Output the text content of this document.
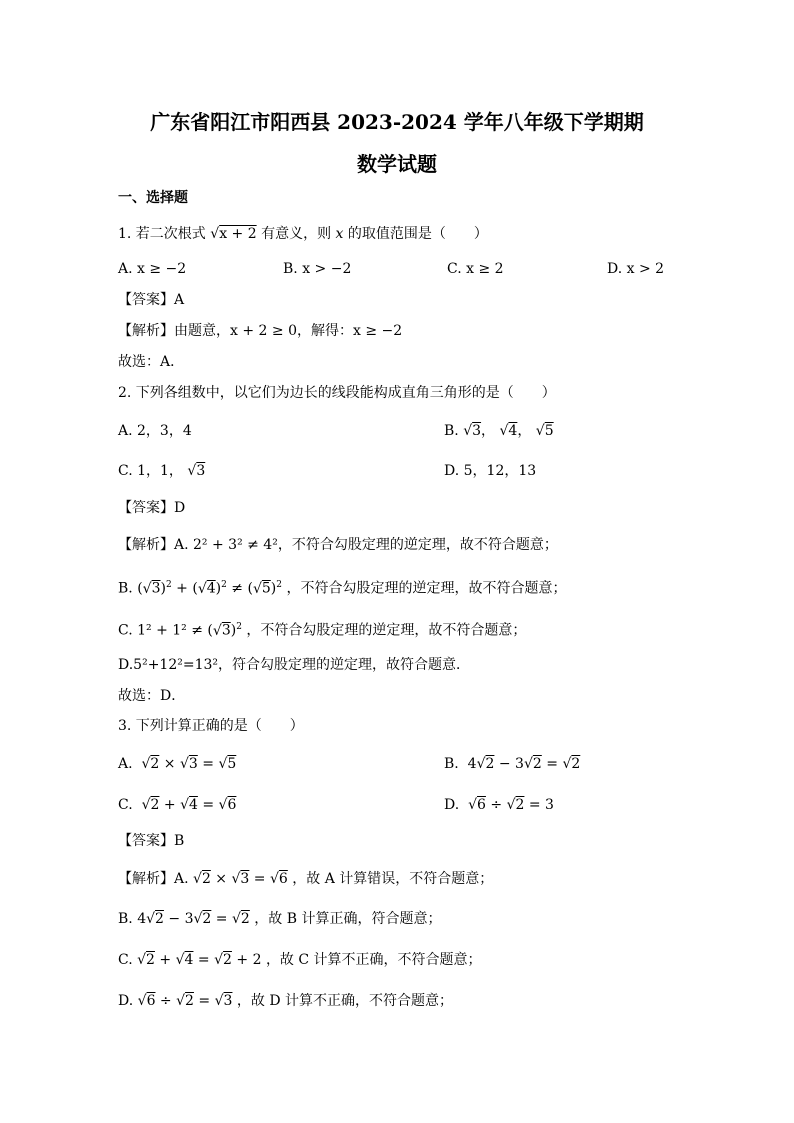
广东省阳江市阳西县 2023-2024 学年八年级下学期期
数学试题
一、选择题
1. 若二次根式 √ x + 2 有意义，则 x 的取值范围是（　　）
A. x ≥ −2	B. x > −2	C. x ≥ 2	D. x > 2
【答案】A
【解析】由题意，x + 2 ≥ 0，解得：x ≥ −2
故选：A．
2. 下列各组数中，以它们为边长的线段能构成直角三角形的是（　　）
A. 2，3，4	B. √ 3， √ 4， √ 5
C. 1，1， √ 3	D. 5，12，13
【答案】D
【解析】A. 2² + 3² ≠ 4²，不符合勾股定理的逆定理，故不符合题意；
B. ( √ 3)$^2$ + ( √ 4)$^2$ ≠ ( √ 5)$^2$ ，不符合勾股定理的逆定理，故不符合题意；
C. 1² + 1² ≠ ( √ 3)$^2$ ，不符合勾股定理的逆定理，故不符合题意；
D.5²+12²=13²，符合勾股定理的逆定理，故符合题意．
故选：D．
3. 下列计算正确的是（　　）
A. √ 2 × √ 3 = √ 5	B.  4 √ 2 − 3 √ 2 = √ 2
C. √ 2 + √ 4 = √ 6	D. √ 6 ÷ √ 2 = 3
【答案】B
【解析】A. √ 2 × √ 3 = √ 6 ，故 A 计算错误，不符合题意；
B. 4 √ 2 − 3 √ 2 = √ 2 ，故 B 计算正确，符合题意；
C. √ 2 + √ 4 = √ 2 + 2 ，故 C 计算不正确，不符合题意；
D. √ 6 ÷ √ 2 = √ 3 ，故 D 计算不正确，不符合题意；
